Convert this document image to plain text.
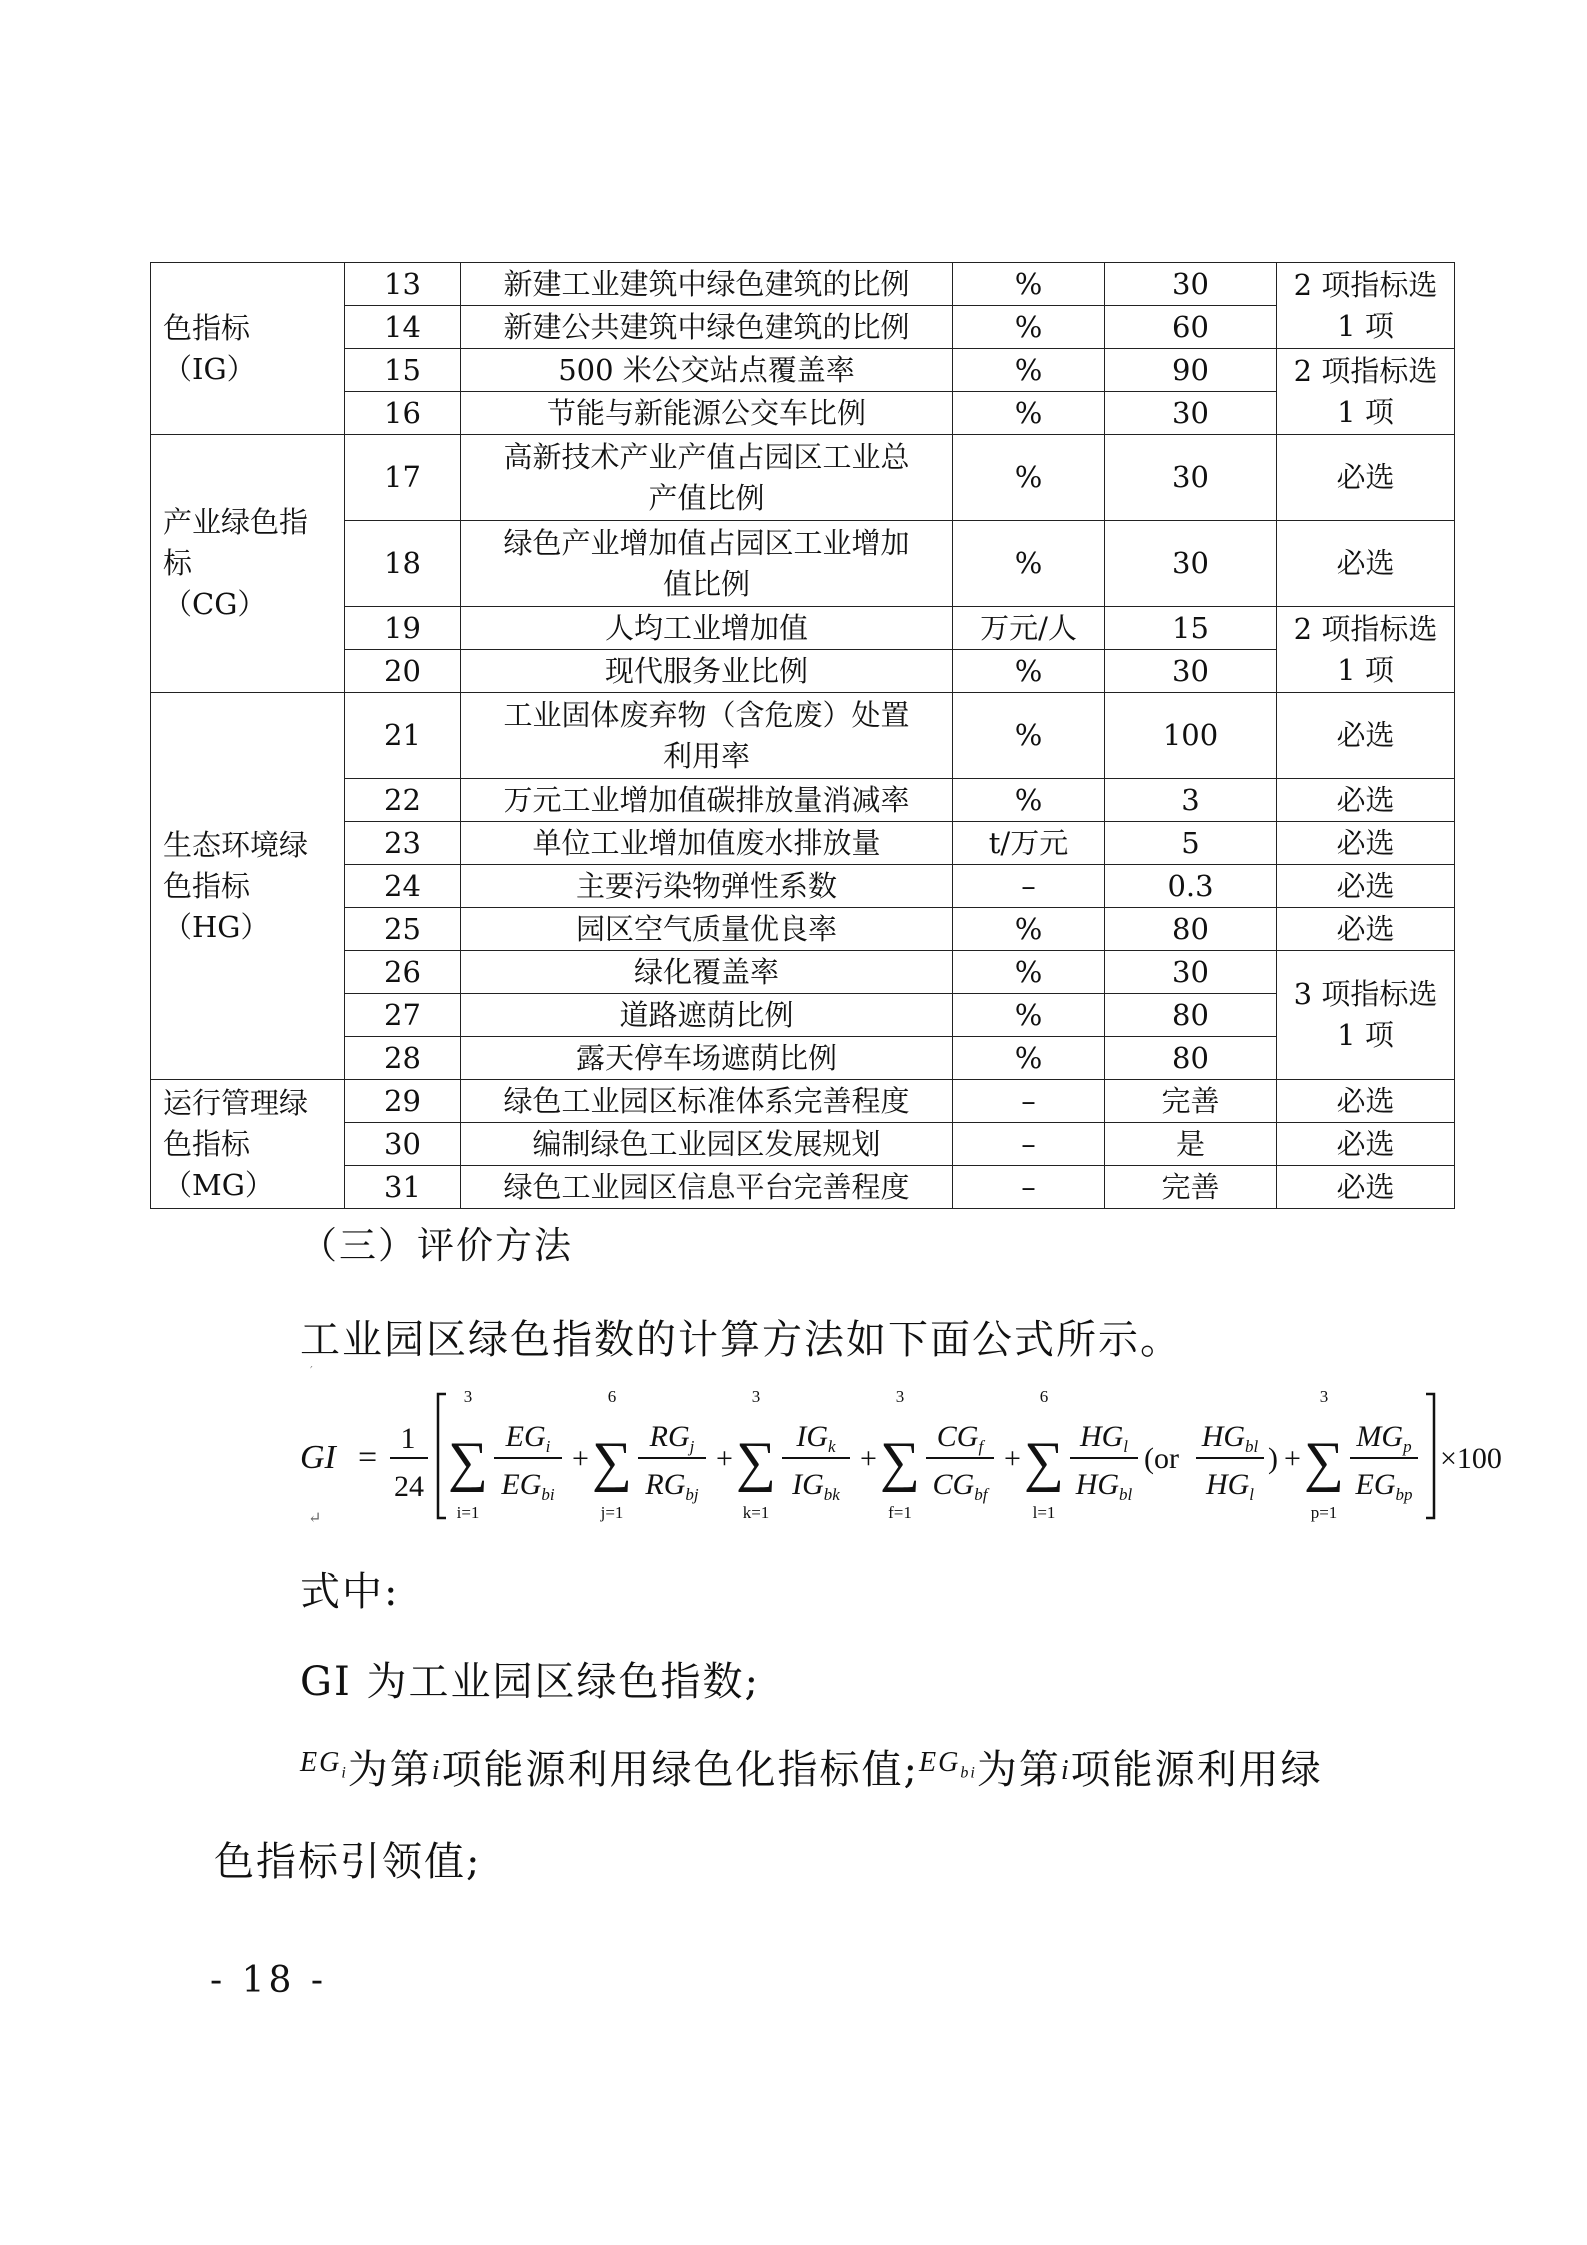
色指标
（IG）	13	新建工业建筑中绿色建筑的比例	%	30	2 项指标选
1 项

	14	新建公共建筑中绿色建筑的比例	%	60	

	15	500 米公交站点覆盖率	%	90	2 项指标选
1 项

	16	节能与新能源公交车比例	%	30	

产业绿色指
标
（CG）	17	高新技术产业产值占园区工业总
产值比例	%	30	必选

	18	绿色产业增加值占园区工业增加
值比例	%	30	必选

	19	人均工业增加值	万元/人	15	2 项指标选
1 项

	20	现代服务业比例	%	30	

生态环境绿
色指标
（HG）	21	工业固体废弃物（含危废）处置
利用率	%	100	必选

	22	万元工业增加值碳排放量消减率	%	3	必选

	23	单位工业增加值废水排放量	t/万元	5	必选

	24	主要污染物弹性系数	–	0.3	必选

	25	园区空气质量优良率	%	80	必选

	26	绿化覆盖率	%	30	3 项指标选
1 项

	27	道路遮荫比例	%	80	

	28	露天停车场遮荫比例	%	80	

运行管理绿
色指标
（MG）	29	绿色工业园区标准体系完善程度	–	完善	必选

	30	编制绿色工业园区发展规划	–	是	必选

	31	绿色工业园区信息平台完善程度	–	完善	必选
（三）评价方法
工业园区绿色指数的计算方法如下面公式所示。
′
GI =
1
24
3
∑
i=1
$EG_i$
$EG_{bi}$
+
6
∑
j=1
$RG_j$
$RG_{bj}$
+
3
∑
k=1
$IG_k$
$IG_{bk}$
+
3
∑
f=1
$CG_f$
$CG_{bf}$
+
6
∑
l=1
$HG_l$
$HG_{bl}$
(or
$HG_{bl}$
$HG_l$
) +
3
∑
p=1
$MG_p$
$EG_{bp}$
×100
↵
式中:
GI 为工业园区绿色指数;
$^{EG_i}$为第i项能源利用绿色化指标值;$^{EG_{bi}}$为第i项能源利用绿
色指标引领值;
- 18 -
